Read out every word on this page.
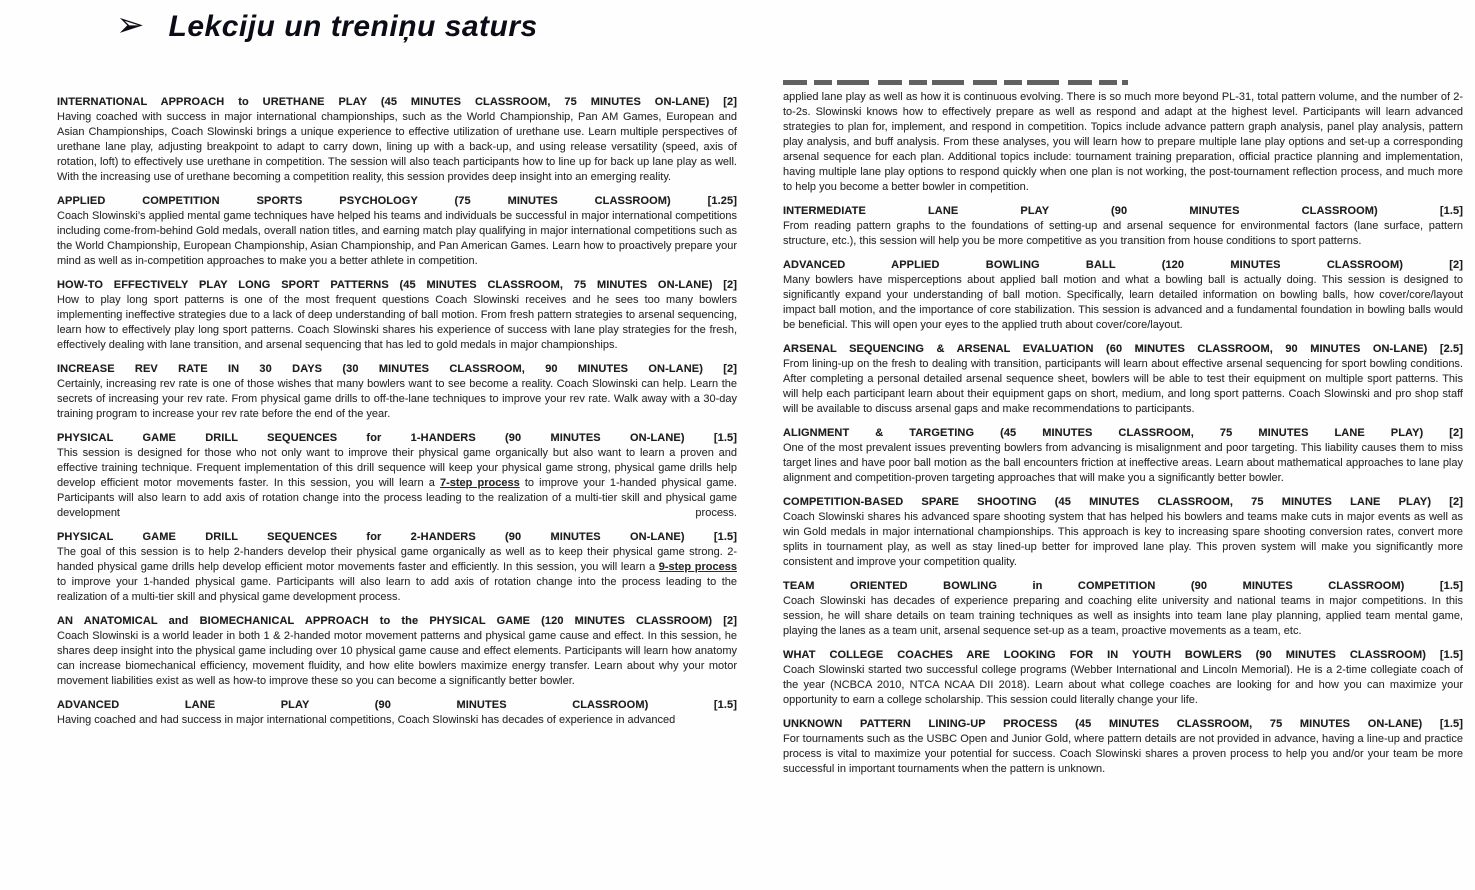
➢ Lekciju un treniņu saturs
INTERNATIONAL APPROACH to URETHANE PLAY (45 MINUTES CLASSROOM, 75 MINUTES ON-LANE) [2]

Having coached with success in major international championships, such as the World Championship, Pan AM Games, European and Asian Championships, Coach Slowinski brings a unique experience to effective utilization of urethane use. Learn multiple perspectives of urethane lane play, adjusting breakpoint to adapt to carry down, lining up with a back-up, and using release versatility (speed, axis of rotation, loft) to effectively use urethane in competition. The session will also teach participants how to line up for back up lane play as well. With the increasing use of urethane becoming a competition reality, this session provides deep insight into an emerging reality.

APPLIED COMPETITION SPORTS PSYCHOLOGY (75 MINUTES CLASSROOM) [1.25]

Coach Slowinski’s applied mental game techniques have helped his teams and individuals be successful in major international competitions including come-from-behind Gold medals, overall nation titles, and earning match play qualifying in major international competitions such as the World Championship, European Championship, Asian Championship, and Pan American Games. Learn how to proactively prepare your mind as well as in-competition approaches to make you a better athlete in competition.

HOW-TO EFFECTIVELY PLAY LONG SPORT PATTERNS (45 MINUTES CLASSROOM, 75 MINUTES ON-LANE) [2]

How to play long sport patterns is one of the most frequent questions Coach Slowinski receives and he sees too many bowlers implementing ineffective strategies due to a lack of deep understanding of ball motion. From fresh pattern strategies to arsenal sequencing, learn how to effectively play long sport patterns. Coach Slowinski shares his experience of success with lane play strategies for the fresh, effectively dealing with lane transition, and arsenal sequencing that has led to gold medals in major championships.

INCREASE REV RATE IN 30 DAYS (30 MINUTES CLASSROOM, 90 MINUTES ON-LANE) [2]

Certainly, increasing rev rate is one of those wishes that many bowlers want to see become a reality. Coach Slowinski can help. Learn the secrets of increasing your rev rate. From physical game drills to off-the-lane techniques to improve your rev rate. Walk away with a 30-day training program to increase your rev rate before the end of the year.

PHYSICAL GAME DRILL SEQUENCES for 1-HANDERS (90 MINUTES ON-LANE) [1.5]

This session is designed for those who not only want to improve their physical game organically but also want to learn a proven and effective training technique. Frequent implementation of this drill sequence will keep your physical game strong, physical game drills help develop efficient motor movements faster. In this session, you will learn a 7-step process to improve your 1-handed physical game. Participants will also learn to add axis of rotation change into the process leading to the realization of a multi-tier skill and physical game development process.

PHYSICAL GAME DRILL SEQUENCES for 2-HANDERS (90 MINUTES ON-LANE) [1.5]

The goal of this session is to help 2-handers develop their physical game organically as well as to keep their physical game strong. 2-handed physical game drills help develop efficient motor movements faster and efficiently. In this session, you will learn a 9-step process to improve your 1-handed physical game. Participants will also learn to add axis of rotation change into the process leading to the realization of a multi-tier skill and physical game development process.

AN ANATOMICAL and BIOMECHANICAL APPROACH to the PHYSICAL GAME (120 MINUTES CLASSROOM) [2]

Coach Slowinski is a world leader in both 1 & 2-handed motor movement patterns and physical game cause and effect. In this session, he shares deep insight into the physical game including over 10 physical game cause and effect elements. Participants will learn how anatomy can increase biomechanical efficiency, movement fluidity, and how elite bowlers maximize energy transfer. Learn about why your motor movement liabilities exist as well as how-to improve these so you can become a significantly better bowler.

ADVANCED LANE PLAY (90 MINUTES CLASSROOM) [1.5]

Having coached and had success in major international competitions, Coach Slowinski has decades of experience in advanced

applied lane play as well as how it is continuous evolving. There is so much more beyond PL-31, total pattern volume, and the number of 2-to-2s. Slowinski knows how to effectively prepare as well as respond and adapt at the highest level. Participants will learn advanced strategies to plan for, implement, and respond in competition. Topics include advance pattern graph analysis, panel play analysis, pattern play analysis, and buff analysis. From these analyses, you will learn how to prepare multiple lane play options and set-up a corresponding arsenal sequence for each plan. Additional topics include: tournament training preparation, official practice planning and implementation, having multiple lane play options to respond quickly when one plan is not working, the post-tournament reflection process, and much more to help you become a better bowler in competition.

INTERMEDIATE LANE PLAY (90 MINUTES CLASSROOM) [1.5]

From reading pattern graphs to the foundations of setting-up and arsenal sequence for environmental factors (lane surface, pattern structure, etc.), this session will help you be more competitive as you transition from house conditions to sport patterns.

ADVANCED APPLIED BOWLING BALL (120 MINUTES CLASSROOM) [2]

Many bowlers have misperceptions about applied ball motion and what a bowling ball is actually doing. This session is designed to significantly expand your understanding of ball motion. Specifically, learn detailed information on bowling balls, how cover/core/layout impact ball motion, and the importance of core stabilization. This session is advanced and a fundamental foundation in bowling balls would be beneficial. This will open your eyes to the applied truth about cover/core/layout.

ARSENAL SEQUENCING & ARSENAL EVALUATION (60 MINUTES CLASSROOM, 90 MINUTES ON-LANE) [2.5]

From lining-up on the fresh to dealing with transition, participants will learn about effective arsenal sequencing for sport bowling conditions. After completing a personal detailed arsenal sequence sheet, bowlers will be able to test their equipment on multiple sport patterns. This will help each participant learn about their equipment gaps on short, medium, and long sport patterns. Coach Slowinski and pro shop staff will be available to discuss arsenal gaps and make recommendations to participants.

ALIGNMENT & TARGETING (45 MINUTES CLASSROOM, 75 MINUTES LANE PLAY) [2]

One of the most prevalent issues preventing bowlers from advancing is misalignment and poor targeting. This liability causes them to miss target lines and have poor ball motion as the ball encounters friction at ineffective areas. Learn about mathematical approaches to lane play alignment and competition-proven targeting approaches that will make you a significantly better bowler.

COMPETITION-BASED SPARE SHOOTING (45 MINUTES CLASSROOM, 75 MINUTES LANE PLAY) [2]

Coach Slowinski shares his advanced spare shooting system that has helped his bowlers and teams make cuts in major events as well as win Gold medals in major international championships. This approach is key to increasing spare shooting conversion rates, convert more splits in tournament play, as well as stay lined-up better for improved lane play. This proven system will make you significantly more consistent and improve your competition quality.

TEAM ORIENTED BOWLING in COMPETITION (90 MINUTES CLASSROOM) [1.5]

Coach Slowinski has decades of experience preparing and coaching elite university and national teams in major competitions. In this session, he will share details on team training techniques as well as insights into team lane play planning, applied team mental game, playing the lanes as a team unit, arsenal sequence set-up as a team, proactive movements as a team, etc.

WHAT COLLEGE COACHES ARE LOOKING FOR IN YOUTH BOWLERS (90 MINUTES CLASSROOM) [1.5]

Coach Slowinski started two successful college programs (Webber International and Lincoln Memorial). He is a 2-time collegiate coach of the year (NCBCA 2010, NTCA NCAA DII 2018). Learn about what college coaches are looking for and how you can maximize your opportunity to earn a college scholarship. This session could literally change your life.

UNKNOWN PATTERN LINING-UP PROCESS (45 MINUTES CLASSROOM, 75 MINUTES ON-LANE) [1.5]

For tournaments such as the USBC Open and Junior Gold, where pattern details are not provided in advance, having a line-up and practice process is vital to maximize your potential for success. Coach Slowinski shares a proven process to help you and/or your team be more successful in important tournaments when the pattern is unknown.
